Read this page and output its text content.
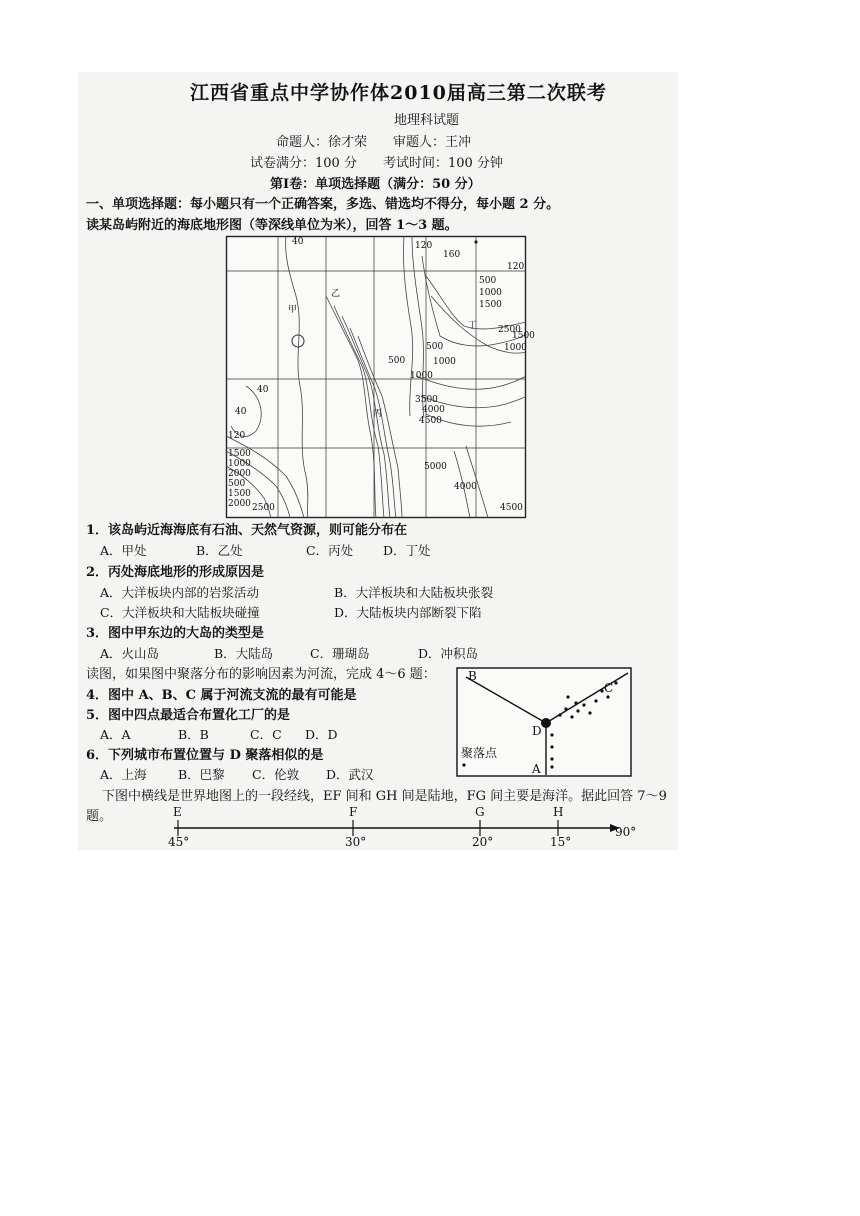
江西省重点中学协作体2010届高三第二次联考
地理科试题
命题人：徐才荣　　审题人：王冲
试卷满分：100 分　　考试时间：100 分钟
第Ⅰ卷：单项选择题（满分：50 分）
一、单项选择题：每小题只有一个正确答案，多选、错选均不得分，每小题 2 分。
读某岛屿附近的海底地形图（等深线单位为米），回答 1～3 题。
40	120
160
120
500
1000
1500
2500
1500
1000
500
1000
500
1000
3500
4000
4500
5000
4000
4500
40
40
120
1500
1000
2000
500
1500
2000 2500
甲
乙
丙
丁
1．该岛屿近海海底有石油、天然气资源，则可能分布在
A．甲处	B．乙处	C．丙处 D．丁处
2．丙处海底地形的形成原因是
A．大洋板块内部的岩浆活动	B．大洋板块和大陆板块张裂
C．大洋板块和大陆板块碰撞	D．大陆板块内部断裂下陷
3．图中甲东边的大岛的类型是
A．火山岛	B．大陆岛	C．珊瑚岛	D．冲积岛
读图，如果图中聚落分布的影响因素为河流，完成 4～6 题：
4．图中 A、B、C 属于河流支流的最有可能是
5．图中四点最适合布置化工厂的是
A．A	B．B	C．C D．D
6．下列城市布置位置与 D 聚落相似的是
A．上海	B．巴黎 C．伦敦 D．武汉
B
C
D
A
聚落点
下图中横线是世界地图上的一段经线，EF 间和 GH 间是陆地，FG 间主要是海洋。据此回答 7～9
题。	E	F	G	H
45°	30°	20°	15°
90°
